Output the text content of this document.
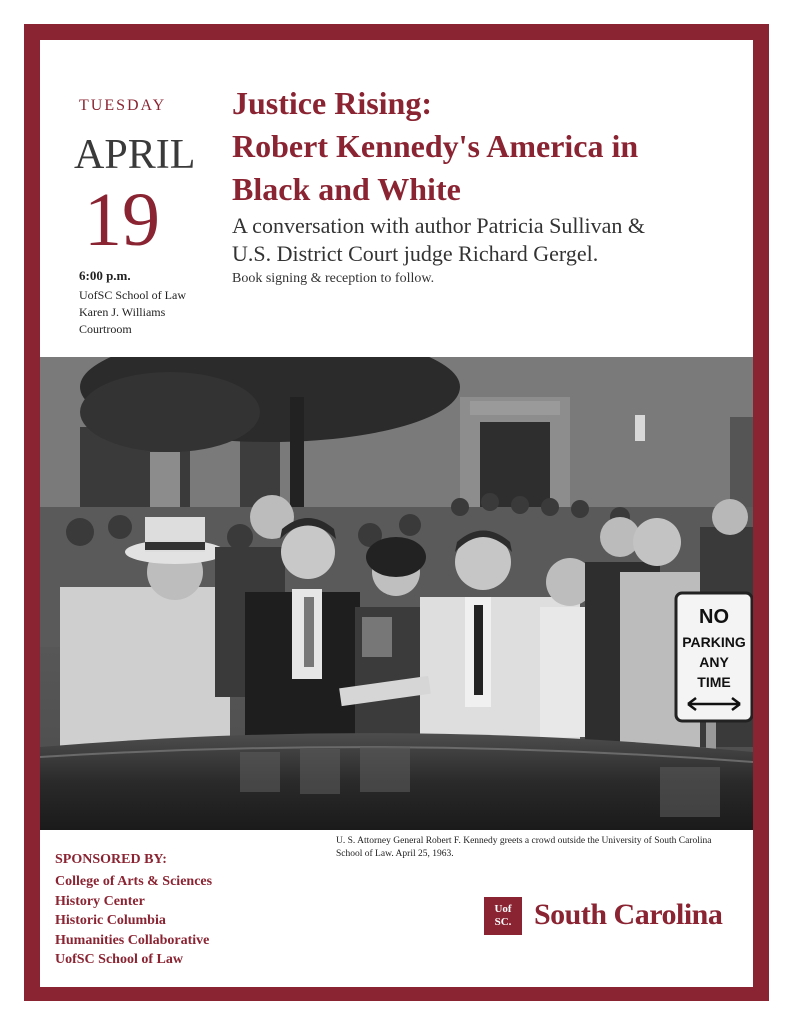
TUESDAY
APRIL
19
6:00 p.m.
UofSC School of Law
Karen J. Williams
Courtroom
Justice Rising:
Robert Kennedy's America in
Black and White
A conversation with author Patricia Sullivan &
U.S. District Court judge Richard Gergel.
Book signing & reception to follow.
NO
PARKING
ANY
TIME
U. S. Attorney General Robert F. Kennedy greets a crowd outside the University of South Carolina
School of Law. April 25, 1963.
SPONSORED BY:
College of Arts & Sciences
History Center
Historic Columbia
Humanities Collaborative
UofSC School of Law
Uof
SC. South Carolina
